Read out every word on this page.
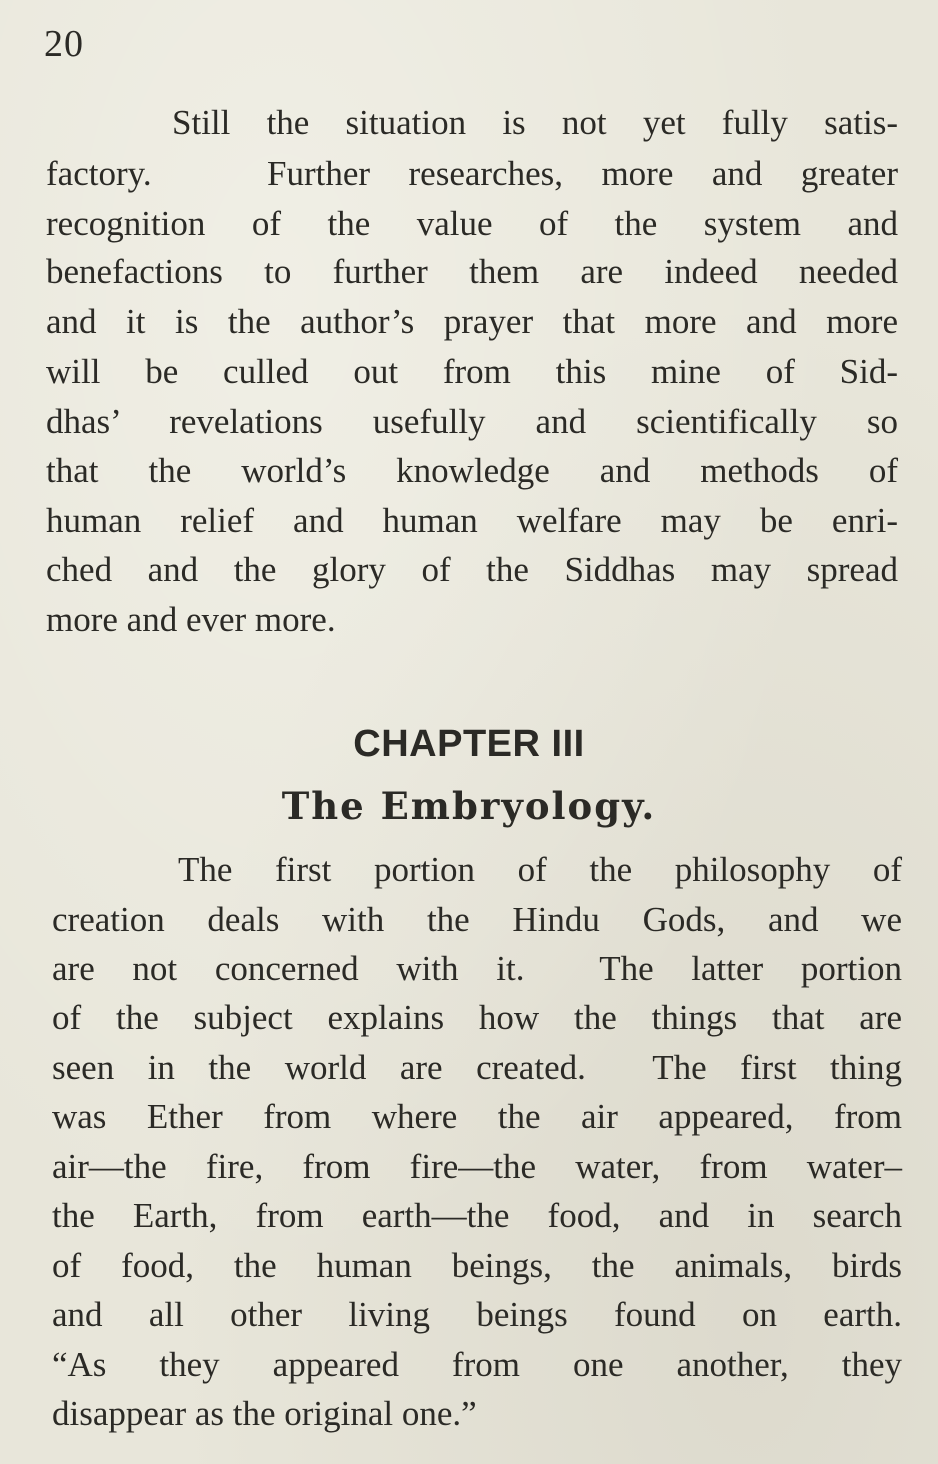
20

Still the situation is not yet fully satis-

factory.   Further researches, more and greater

recognition of the value of the system and

benefactions to further them are indeed needed

and it is the author’s prayer that more and more

will be culled out from this mine of Sid-

dhas’ revelations usefully and scientifically so

that the world’s knowledge and methods of

human relief and human welfare may be enri-

ched and the glory of the Siddhas may spread

more and ever more.

CHAPTER III
The Embryology.

The first portion of the philosophy of

creation deals with the Hindu Gods, and we

are not concerned with it.  The latter portion

of the subject explains how the things that are

seen in the world are created.  The first thing

was Ether from where the air appeared, from

air—the fire, from fire—the water, from water–

the Earth, from earth—the food, and in search

of food, the human beings, the animals, birds

and all other living beings found on earth.

“As they appeared from one another, they

disappear as the original one.”
